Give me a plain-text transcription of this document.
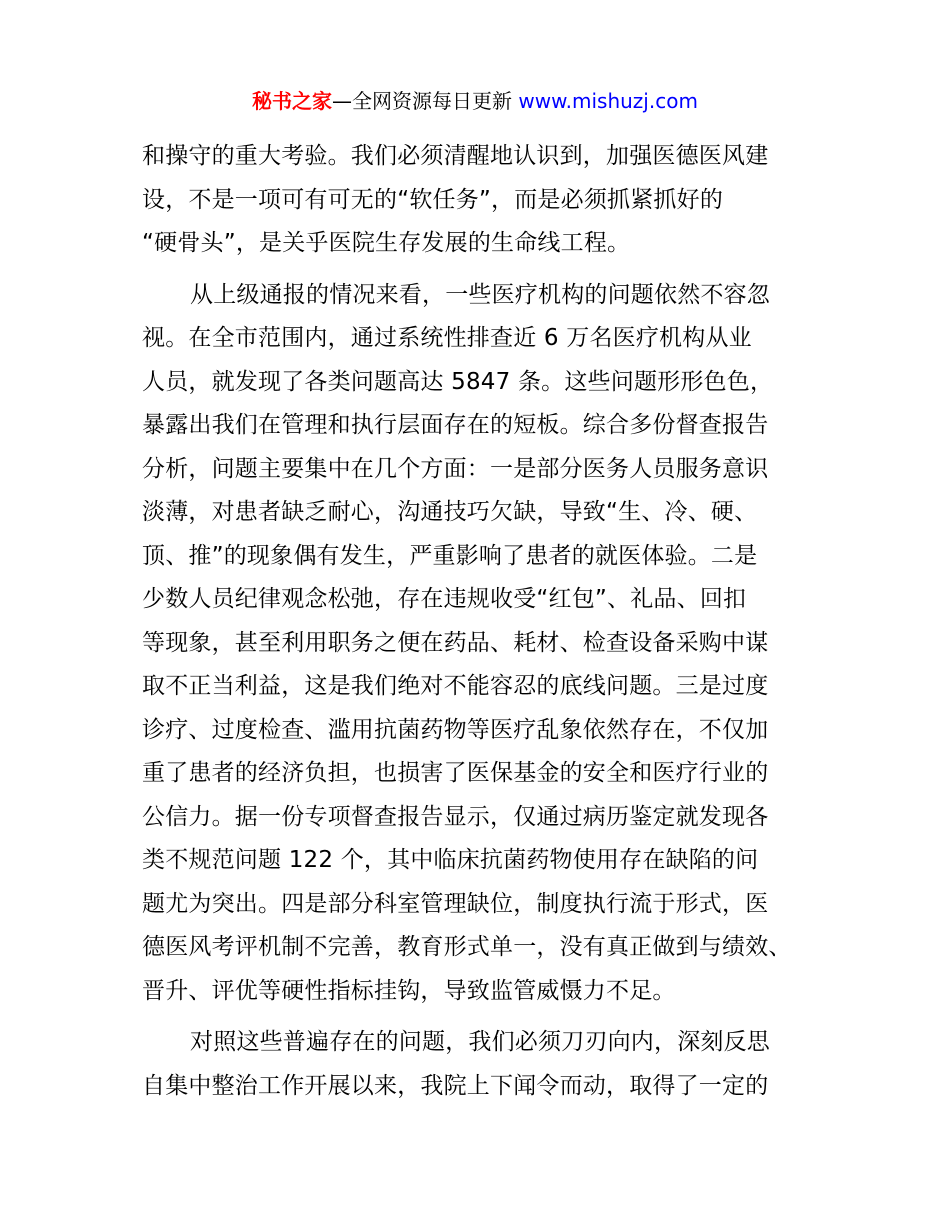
秘书之家—全网资源每日更新 www.mishuzj.com

和操守的重大考验。我们必须清醒地认识到，加强医德医风建
设，不是一项可有可无的“软任务”，而是必须抓紧抓好的
“硬骨头”，是关乎医院生存发展的生命线工程。

从上级通报的情况来看，一些医疗机构的问题依然不容忽
视。在全市范围内，通过系统性排查近 6 万名医疗机构从业
人员，就发现了各类问题高达 5847 条。这些问题形形色色，
暴露出我们在管理和执行层面存在的短板。综合多份督查报告
分析，问题主要集中在几个方面：一是部分医务人员服务意识
淡薄，对患者缺乏耐心，沟通技巧欠缺，导致“生、冷、硬、
顶、推”的现象偶有发生，严重影响了患者的就医体验。二是
少数人员纪律观念松弛，存在违规收受“红包”、礼品、回扣
等现象，甚至利用职务之便在药品、耗材、检查设备采购中谋
取不正当利益，这是我们绝对不能容忍的底线问题。三是过度
诊疗、过度检查、滥用抗菌药物等医疗乱象依然存在，不仅加
重了患者的经济负担，也损害了医保基金的安全和医疗行业的
公信力。据一份专项督查报告显示，仅通过病历鉴定就发现各
类不规范问题 122 个，其中临床抗菌药物使用存在缺陷的问
题尤为突出。四是部分科室管理缺位，制度执行流于形式，医
德医风考评机制不完善，教育形式单一，没有真正做到与绩效、
晋升、评优等硬性指标挂钩，导致监管威慑力不足。

对照这些普遍存在的问题，我们必须刀刃向内，深刻反思
自集中整治工作开展以来，我院上下闻令而动，取得了一定的
